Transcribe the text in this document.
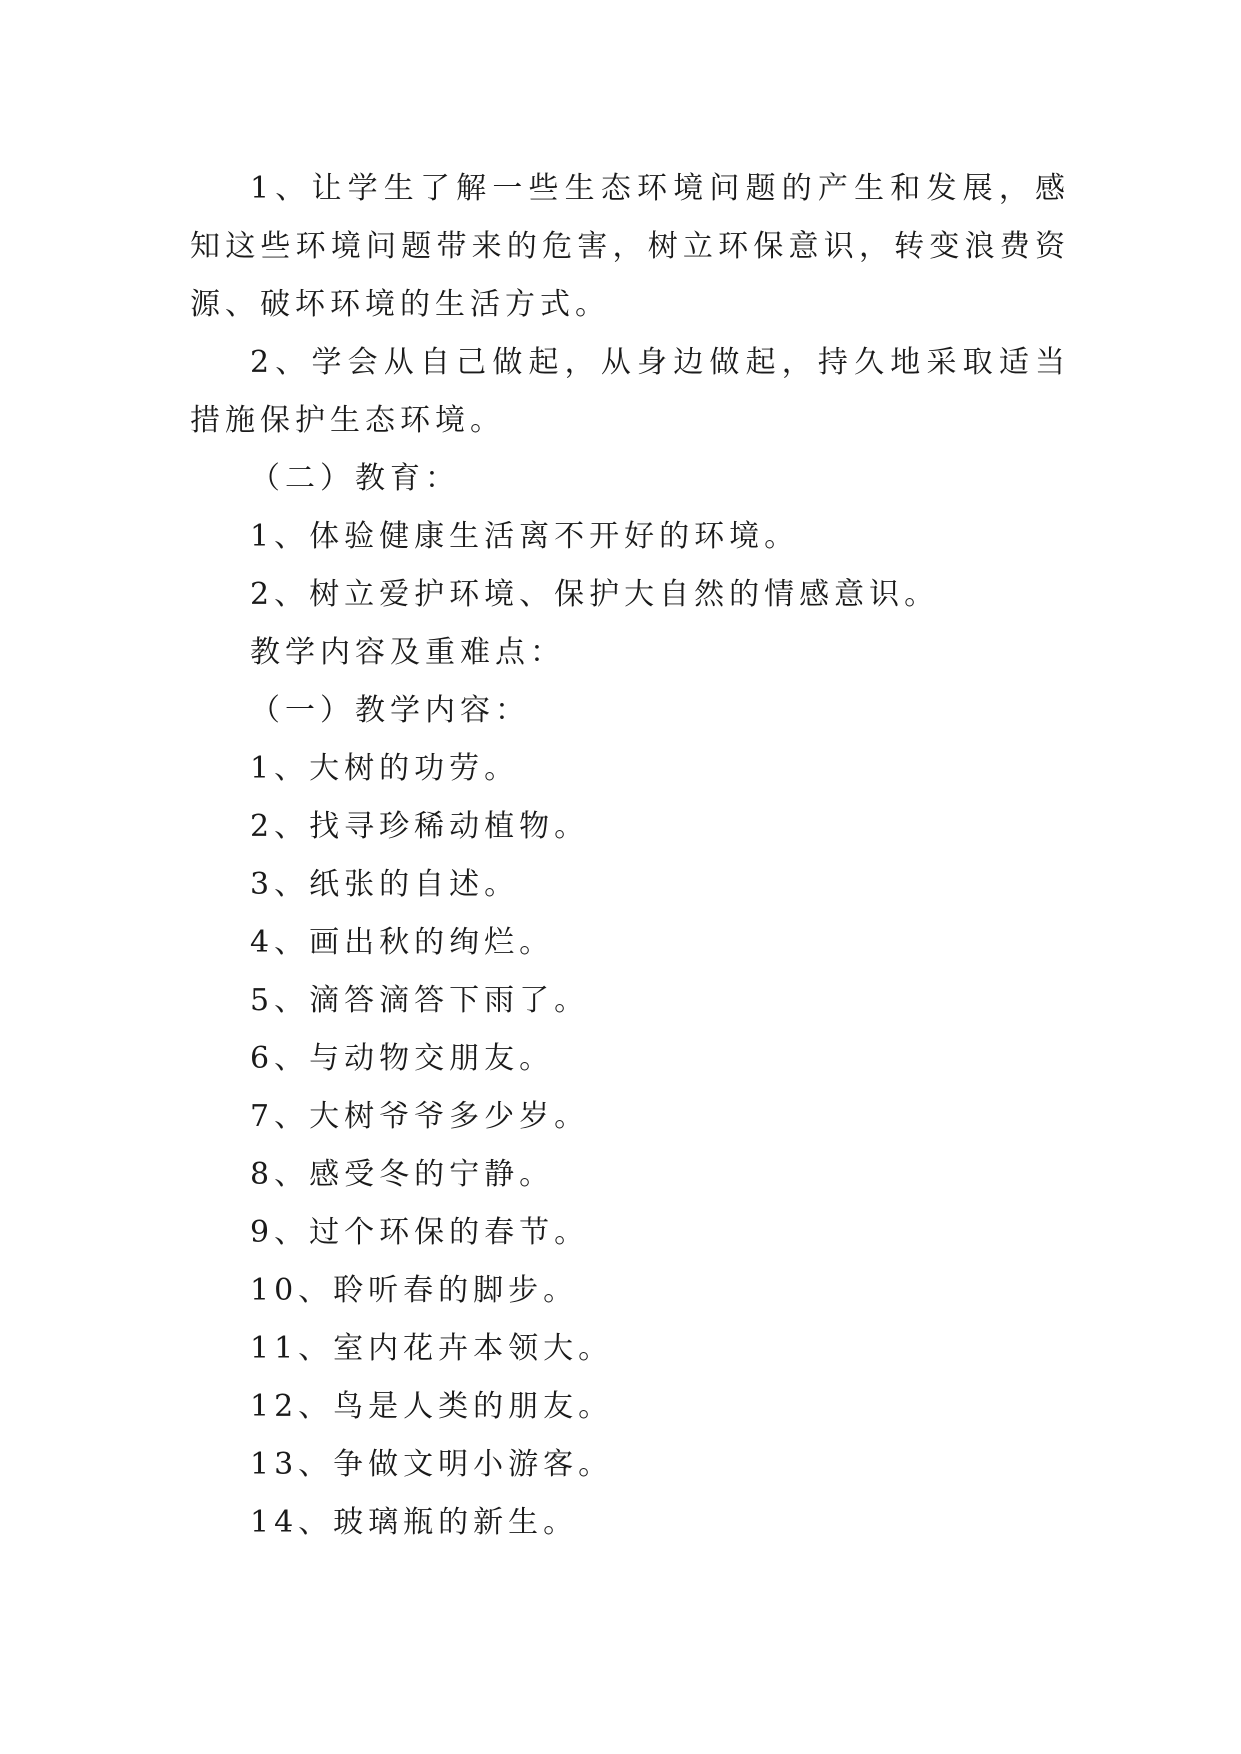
1、让学生了解一些生态环境问题的产生和发展，感知这些环境问题带来的危害，树立环保意识，转变浪费资源、破坏环境的生活方式。

2、学会从自己做起，从身边做起，持久地采取适当措施保护生态环境。

（二）教育：

1、体验健康生活离不开好的环境。

2、树立爱护环境、保护大自然的情感意识。

教学内容及重难点：

（一）教学内容：

1、大树的功劳。

2、找寻珍稀动植物。

3、纸张的自述。

4、画出秋的绚烂。

5、滴答滴答下雨了。

6、与动物交朋友。

7、大树爷爷多少岁。

8、感受冬的宁静。

9、过个环保的春节。

10、聆听春的脚步。

11、室内花卉本领大。

12、鸟是人类的朋友。

13、争做文明小游客。

14、玻璃瓶的新生。
